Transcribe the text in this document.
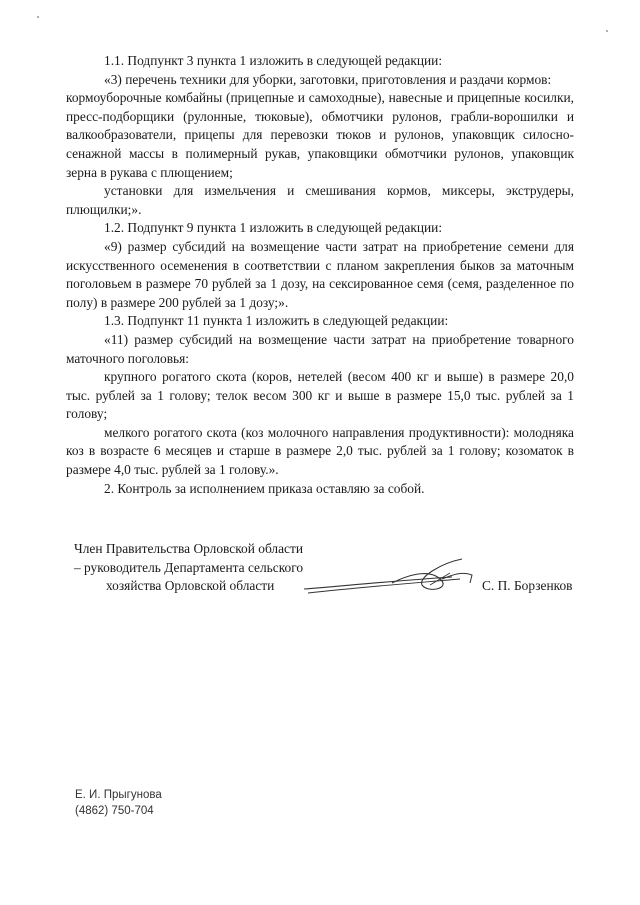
1.1. Подпункт 3 пункта 1 изложить в следующей редакции:

«3) перечень техники для уборки, заготовки, приготовления и раздачи кормов:

кормоуборочные комбайны (прицепные и самоходные), навесные и прицепные косилки, пресс-подборщики (рулонные, тюковые), обмотчики рулонов, грабли-ворошилки и валкообразователи, прицепы для перевозки тюков и рулонов, упаковщик силосно-сенажной массы в полимерный рукав, упаковщики обмотчики рулонов, упаковщик зерна в рукава с плющением;

установки для измельчения и смешивания кормов, миксеры, экструдеры, плющилки;».

1.2. Подпункт 9 пункта 1 изложить в следующей редакции:

«9) размер субсидий на возмещение части затрат на приобретение семени для искусственного осеменения в соответствии с планом закрепления быков за маточным поголовьем в размере 70 рублей за 1 дозу, на сексированное семя (семя, разделенное по полу) в размере 200 рублей за 1 дозу;».

1.3. Подпункт 11 пункта 1 изложить в следующей редакции:

«11) размер субсидий на возмещение части затрат на приобретение товарного маточного поголовья:

крупного рогатого скота (коров, нетелей (весом 400 кг и выше) в размере 20,0 тыс. рублей за 1 голову; телок весом 300 кг и выше в размере 15,0 тыс. рублей за 1 голову;

мелкого рогатого скота (коз молочного направления продуктивности): молодняка коз в возрасте 6 месяцев и старше в размере 2,0 тыс. рублей за 1 голову; козоматок в размере 4,0 тыс. рублей за 1 голову.».

2. Контроль за исполнением приказа оставляю за собой.

Член Правительства Орловской области
– руководитель Департамента сельского
хозяйства Орловской области	С. П. Борзенков
Е. И. Прыгунова
(4862) 750-704
